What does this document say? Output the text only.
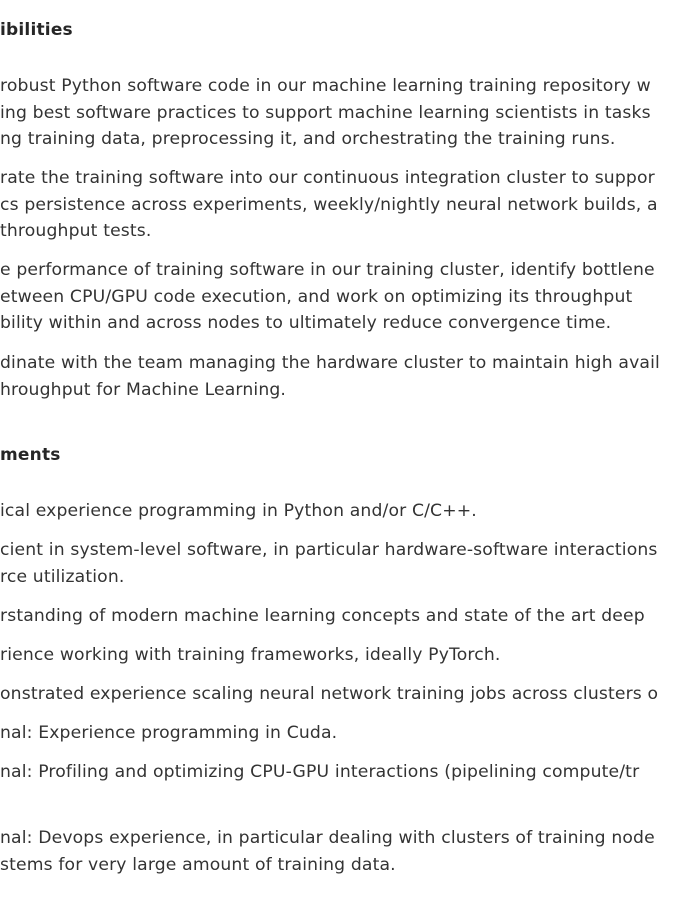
ibilities
robust Python software code in our machine learning training repository w
ing best software practices to support machine learning scientists in tasks
ng training data, preprocessing it, and orchestrating the training runs.
rate the training software into our continuous integration cluster to suppor
cs persistence across experiments, weekly/nightly neural network builds, a
throughput tests.
e performance of training software in our training cluster, identify bottlene
etween CPU/GPU code execution, and work on optimizing its throughput
bility within and across nodes to ultimately reduce convergence time.
dinate with the team managing the hardware cluster to maintain high avail
hroughput for Machine Learning.
ments
ical experience programming in Python and/or C/C++.
cient in system-level software, in particular hardware-software interactions
rce utilization.
rstanding of modern machine learning concepts and state of the art deep
rience working with training frameworks, ideally PyTorch.
onstrated experience scaling neural network training jobs across clusters o
nal: Experience programming in Cuda.
nal: Profiling and optimizing CPU-GPU interactions (pipelining compute/tr
nal: Devops experience, in particular dealing with clusters of training node
stems for very large amount of training data.
